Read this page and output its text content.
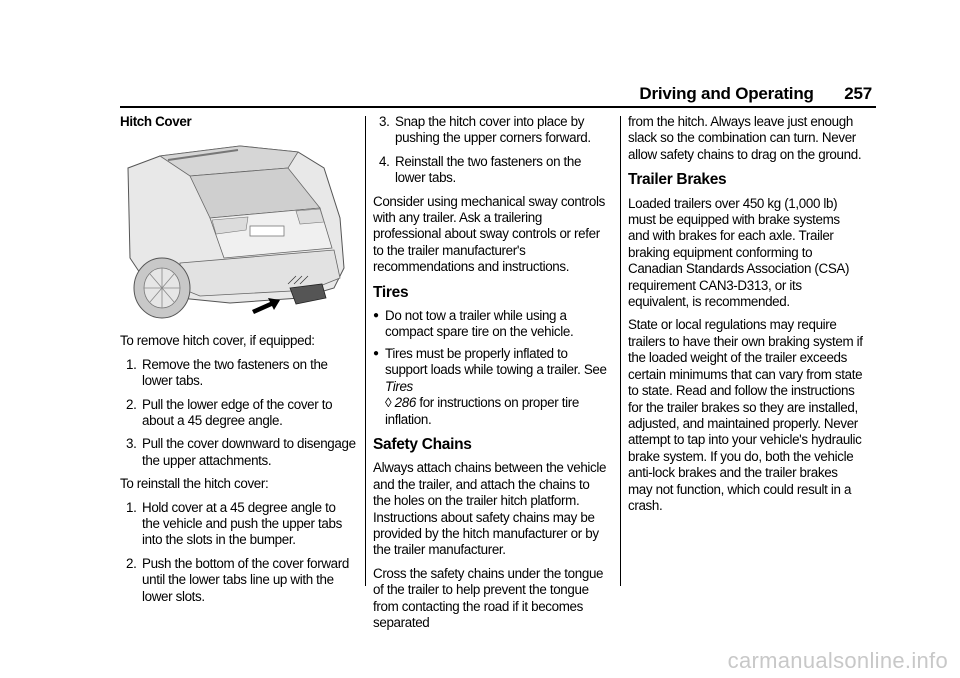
Driving and Operating 257
Hitch Cover

To remove hitch cover, if equipped:

1. Remove the two fasteners on the lower tabs.
2. Pull the lower edge of the cover to about a 45 degree angle.
3. Pull the cover downward to disengage the upper attachments.

To reinstall the hitch cover:

1. Hold cover at a 45 degree angle to the vehicle and push the upper tabs into the slots in the bumper.
2. Push the bottom of the cover forward until the lower tabs line up with the lower slots.
3. Snap the hitch cover into place by pushing the upper corners forward.
4. Reinstall the two fasteners on the lower tabs.

Consider using mechanical sway controls with any trailer. Ask a trailering professional about sway controls or refer to the trailer manufacturer's recommendations and instructions.

Tires
● Do not tow a trailer while using a compact spare tire on the vehicle.
● Tires must be properly inflated to support loads while towing a trailer. See Tires
◊ 286 for instructions on proper tire inflation.
Safety Chains

Always attach chains between the vehicle and the trailer, and attach the chains to the holes on the trailer hitch platform. Instructions about safety chains may be provided by the hitch manufacturer or by the trailer manufacturer.

Cross the safety chains under the tongue of the trailer to help prevent the tongue from contacting the road if it becomes separated

from the hitch. Always leave just enough slack so the combination can turn. Never allow safety chains to drag on the ground.

Trailer Brakes

Loaded trailers over 450 kg (1,000 lb) must be equipped with brake systems and with brakes for each axle. Trailer braking equipment conforming to Canadian Standards Association (CSA) requirement CAN3-D313, or its equivalent, is recommended.

State or local regulations may require trailers to have their own braking system if the loaded weight of the trailer exceeds certain minimums that can vary from state to state. Read and follow the instructions for the trailer brakes so they are installed, adjusted, and maintained properly. Never attempt to tap into your vehicle's hydraulic brake system. If you do, both the vehicle anti-lock brakes and the trailer brakes may not function, which could result in a crash.

carmanualsonline.info
